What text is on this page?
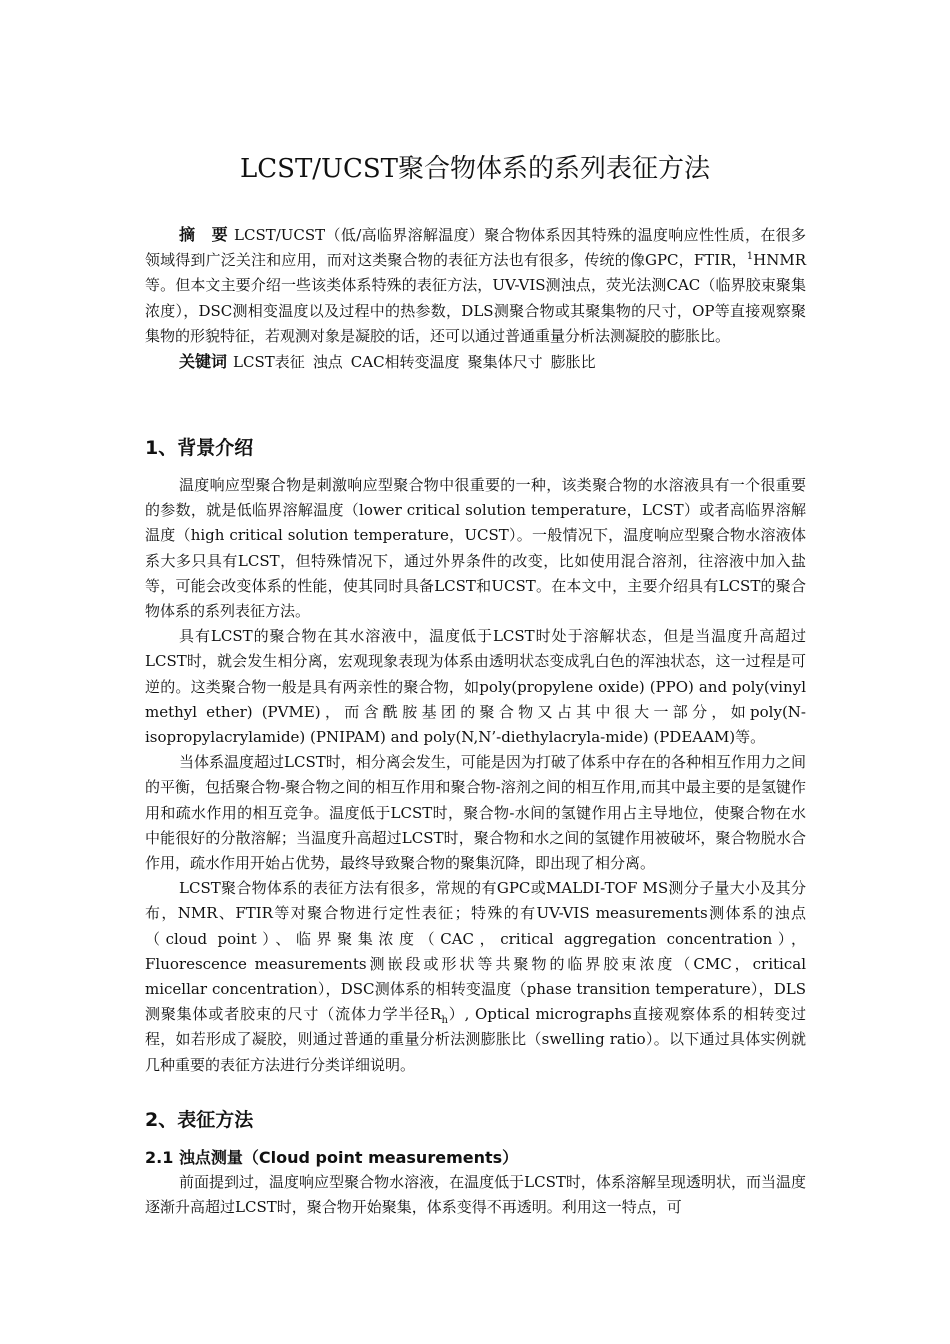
LCST/UCST聚合物体系的系列表征方法

摘　要 LCST/UCST（低/高临界溶解温度）聚合物体系因其特殊的温度响应性性质，在很多领域得到广泛关注和应用，而对这类聚合物的表征方法也有很多，传统的像GPC，FTIR，$^1$HNMR等。但本文主要介绍一些该类体系特殊的表征方法，UV-VIS测浊点，荧光法测CAC（临界胶束聚集浓度），DSC测相变温度以及过程中的热参数，DLS测聚合物或其聚集物的尺寸，OP等直接观察聚集物的形貌特征，若观测对象是凝胶的话，还可以通过普通重量分析法测凝胶的膨胀比。

关键词 LCST表征 浊点 CAC相转变温度 聚集体尺寸 膨胀比

1、背景介绍

温度响应型聚合物是刺激响应型聚合物中很重要的一种，该类聚合物的水溶液具有一个很重要的参数，就是低临界溶解温度（lower critical solution temperature，LCST）或者高临界溶解温度（high critical solution temperature，UCST）。一般情况下，温度响应型聚合物水溶液体系大多只具有LCST，但特殊情况下，通过外界条件的改变，比如使用混合溶剂，往溶液中加入盐等，可能会改变体系的性能，使其同时具备LCST和UCST。在本文中，主要介绍具有LCST的聚合物体系的系列表征方法。

具有LCST的聚合物在其水溶液中，温度低于LCST时处于溶解状态，但是当温度升高超过LCST时，就会发生相分离，宏观现象表现为体系由透明状态变成乳白色的浑浊状态，这一过程是可逆的。这类聚合物一般是具有两亲性的聚合物，如poly(propylene oxide) (PPO) and poly(vinyl methyl ether) (PVME)，而含酰胺基团的聚合物又占其中很大一部分，如poly(N-isopropylacrylamide) (PNIPAM) and poly(N,N’-diethylacryla-mide) (PDEAAM)等。

当体系温度超过LCST时，相分离会发生，可能是因为打破了体系中存在的各种相互作用力之间的平衡，包括聚合物-聚合物之间的相互作用和聚合物-溶剂之间的相互作用,而其中最主要的是氢键作用和疏水作用的相互竞争。温度低于LCST时，聚合物-水间的氢键作用占主导地位，使聚合物在水中能很好的分散溶解；当温度升高超过LCST时，聚合物和水之间的氢键作用被破坏，聚合物脱水合作用，疏水作用开始占优势，最终导致聚合物的聚集沉降，即出现了相分离。

LCST聚合物体系的表征方法有很多，常规的有GPC或MALDI-TOF MS测分子量大小及其分布，NMR、FTIR等对聚合物进行定性表征；特殊的有UV-VIS measurements测体系的浊点（cloud point）、临界聚集浓度（CAC，critical aggregation concentration），Fluorescence measurements测嵌段或形状等共聚物的临界胶束浓度（CMC，critical micellar concentration），DSC测体系的相转变温度（phase transition temperature），DLS测聚集体或者胶束的尺寸（流体力学半径$R_h$）, Optical micrographs直接观察体系的相转变过程，如若形成了凝胶，则通过普通的重量分析法测膨胀比（swelling ratio）。以下通过具体实例就几种重要的表征方法进行分类详细说明。

2、表征方法
2.1 浊点测量（Cloud point measurements）

前面提到过，温度响应型聚合物水溶液，在温度低于LCST时，体系溶解呈现透明状，而当温度逐渐升高超过LCST时，聚合物开始聚集，体系变得不再透明。利用这一特点，可
